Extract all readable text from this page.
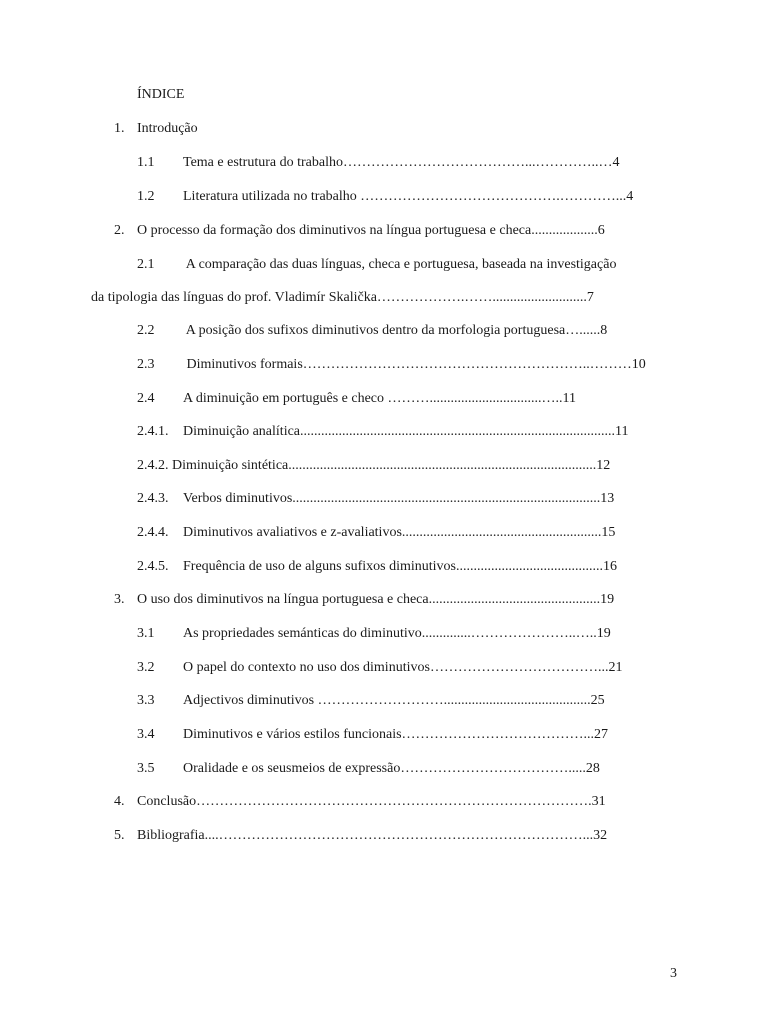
ÍNDICE
1. Introdução
1.1 Tema e estrutura do trabalho…………………………………...…………..…4
1.2 Literatura utilizada no trabalho …………………………………….…………...4
2. O processo da formação dos diminutivos na língua portuguesa e checa...................6
2.1 A comparação das duas línguas, checa e portuguesa, baseada na investigação
da tipologia das línguas do prof. Vladimír Skalička……………….……...........................7
2.2 A posição dos sufixos diminutivos dentro da morfologia portuguesa…......8
2.3 Diminutivos formais……………………………………………………..………10
2.4 A diminuição em português e checo ………................................…..11
2.4.1. Diminuição analítica..........................................................................................11
2.4.2. Diminuição sintética........................................................................................12
2.4.3. Verbos diminutivos........................................................................................13
2.4.4. Diminutivos avaliativos e z-avaliativos.........................................................15
2.4.5. Frequência de uso de alguns sufixos diminutivos..........................................16
3. O uso dos diminutivos na língua portuguesa e checa.................................................19
3.1 As propriedades semánticas do diminutivo..............…………………..…..19
3.2 O papel do contexto no uso dos diminutivos………………………………...21
3.3 Adjectivos diminutivos ………………………..........................................25
3.4 Diminutivos e vários estilos funcionais…………………………………...27
3.5 Oralidade e os seusmeios de expressão……………………………….....28
4. Conclusão………………………………………………………………………….31
5. Bibliografia....……………………………………………………………………...32
3
